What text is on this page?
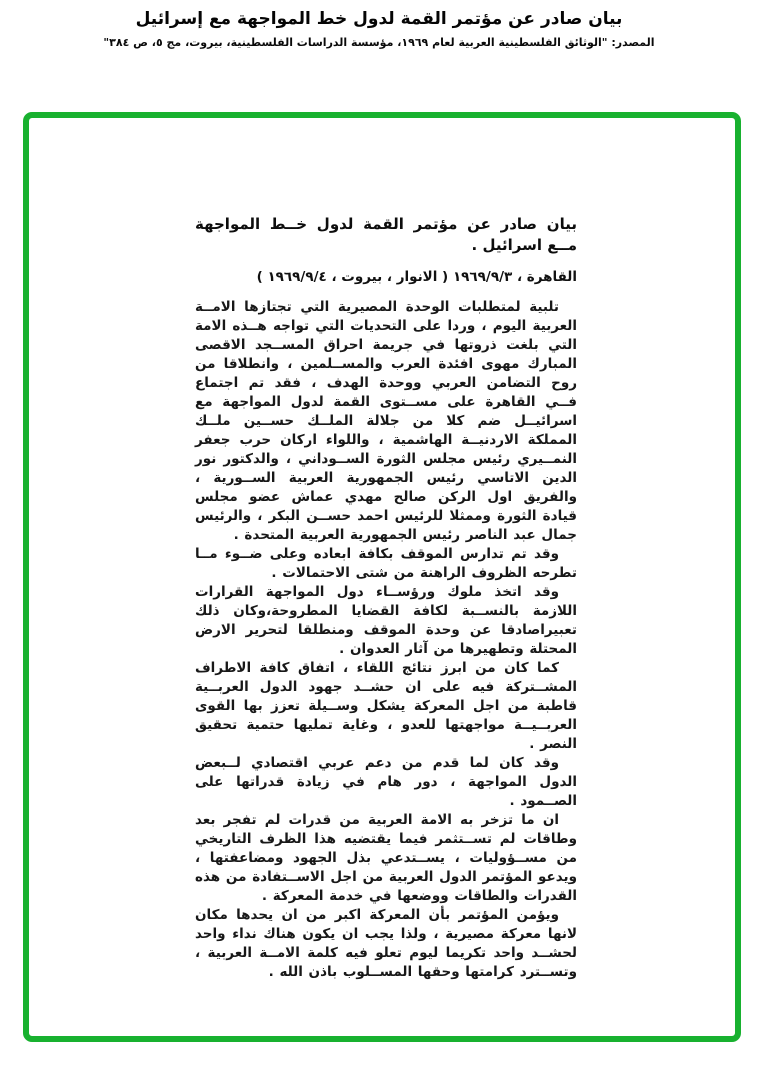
بيان صادر عن مؤتمر القمة لدول خط المواجهة مع إسرائيل
المصدر: "الوثائق الفلسطينية العربية لعام ١٩٦٩، مؤسسة الدراسات الفلسطينية، بيروت، مج ٥، ص ٣٨٤"
بيان صادر عن مؤتمر القمة لدول خــط المواجهة مــع اسرائيل .
القاهرة ، ١٩٦٩/٩/٣ ( الانوار ، بيروت ، ١٩٦٩/٩/٤ )

تلبية لمتطلبات الوحدة المصيرية التي تجتازها الامــة العربية اليوم ، وردا على التحديات التي تواجه هــذه الامة التي بلغت ذروتها في جريمة احراق المســجد الاقصى المبارك مهوى افئدة العرب والمســلمين ، وانطلاقا من روح التضامن العربي ووحدة الهدف ، فقد تم اجتماع فــي القاهرة على مســتوى القمة لدول المواجهة مع اسرائيــل ضم كلا من جلالة الملــك حســين ملــك المملكة الاردنيــة الهاشمية ، واللواء اركان حرب جعفر النمــيري رئيس مجلس الثورة الســوداني ، والدكتور نور الدين الاتاسي رئيس الجمهورية العربية الســورية ، والفريق اول الركن صالح مهدي عماش عضو مجلس قيادة الثورة وممثلا للرئيس احمد حســن البكر ، والرئيس جمال عبد الناصر رئيس الجمهورية العربية المتحدة .

وقد تم تدارس الموقف بكافة ابعاده وعلى ضــوء مــا تطرحه الظروف الراهنة من شتى الاحتمالات .

وقد اتخذ ملوك ورؤســاء دول المواجهة القرارات اللازمة بالنســبة لكافة القضايا المطروحة،وكان ذلك تعبيراصادقا عن وحدة الموقف ومنطلقا لتحرير الارض المحتلة وتطهيرها من آثار العدوان .

كما كان من ابرز نتائج اللقاء ، اتفاق كافة الاطراف المشــتركة فيه على ان حشــد جهود الدول العربــية قاطبة من اجل المعركة يشكل وســيلة تعزز بها القوى العربــيــة مواجهتها للعدو ، وغاية تمليها حتمية تحقيق النصر .

وقد كان لما قدم من دعم عربي اقتصادي لــبعض الدول المواجهة ، دور هام في زيادة قدراتها على الصــمود .

ان ما تزخر به الامة العربية من قدرات لم تفجر بعد وطاقات لم تســتثمر فيما يقتضيه هذا الظرف التاريخي من مســؤوليات ، يســتدعي بذل الجهود ومضاعفتها ، ويدعو المؤتمر الدول العربية من اجل الاســتفادة من هذه القدرات والطاقات ووضعها في خدمة المعركة .

ويؤمن المؤتمر بأن المعركة اكبر من ان يحدها مكان لانها معركة مصيرية ، ولذا يجب ان يكون هناك نداء واحد لحشــد واحد تكريما ليوم تعلو فيه كلمة الامــة العربية ، وتســترد كرامتها وحقها المســلوب باذن الله .
